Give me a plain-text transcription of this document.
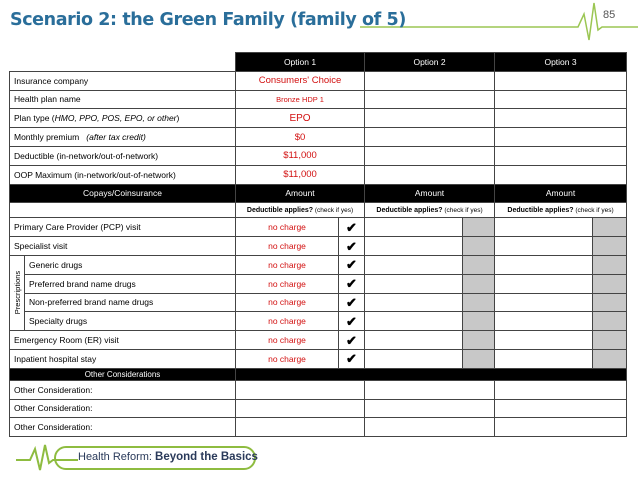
Scenario 2: the Green Family (family of 5)	85
		Option 1		Option 2		Option 3	
Insurance company		Consumers' Choice					
Health plan name		Bronze HDP 1					
Plan type (HMO, PPO, POS, EPO, or other)		EPO					
Monthly premium   (after tax credit)		$0					
Deductible (in-network/out-of-network)		$11,000					
OOP Maximum (in-network/out-of-network)		$11,000					
Copays/Coinsurance		Amount		Amount		Amount	
		Deductible applies? (check if yes)		Deductible applies? (check if yes)		Deductible applies? (check if yes)	
Primary Care Provider (PCP) visit		no charge	✔				
Specialist visit		no charge	✔				
Prescriptions	Generic drugs	no charge	✔				
	Preferred brand name drugs	no charge	✔				
	Non-preferred brand name drugs	no charge	✔				
	Specialty drugs	no charge	✔				
Emergency Room (ER) visit		no charge	✔				
Inpatient hospital stay		no charge	✔				
Other Considerations							
Other Consideration:							
Other Consideration:							
Other Consideration:							
Health Reform: Beyond the Basics
